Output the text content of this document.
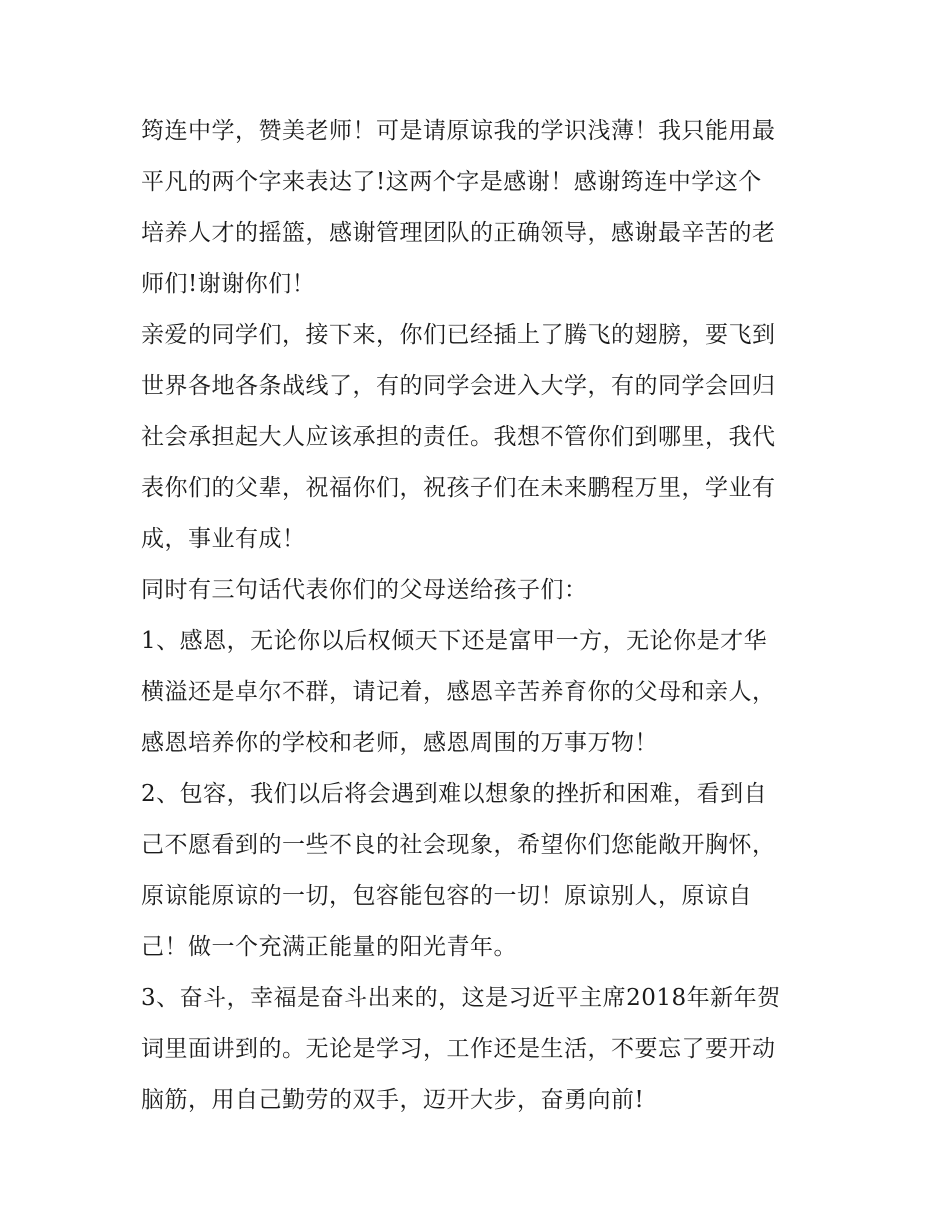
筠连中学，赞美老师！可是请原谅我的学识浅薄！我只能用最
平凡的两个字来表达了!这两个字是感谢！感谢筠连中学这个
培养人才的摇篮，感谢管理团队的正确领导，感谢最辛苦的老
师们!谢谢你们！
亲爱的同学们，接下来，你们已经插上了腾飞的翅膀，要飞到
世界各地各条战线了，有的同学会进入大学，有的同学会回归
社会承担起大人应该承担的责任。我想不管你们到哪里，我代
表你们的父辈，祝福你们，祝孩子们在未来鹏程万里，学业有
成，事业有成！
同时有三句话代表你们的父母送给孩子们：
1、感恩，无论你以后权倾天下还是富甲一方，无论你是才华
横溢还是卓尔不群，请记着，感恩辛苦养育你的父母和亲人，
感恩培养你的学校和老师，感恩周围的万事万物！
2、包容，我们以后将会遇到难以想象的挫折和困难，看到自
己不愿看到的一些不良的社会现象，希望你们您能敞开胸怀，
原谅能原谅的一切，包容能包容的一切！原谅别人，原谅自
己！做一个充满正能量的阳光青年。
3、奋斗，幸福是奋斗出来的，这是习近平主席2018年新年贺
词里面讲到的。无论是学习，工作还是生活，不要忘了要开动
脑筋，用自己勤劳的双手，迈开大步，奋勇向前!
